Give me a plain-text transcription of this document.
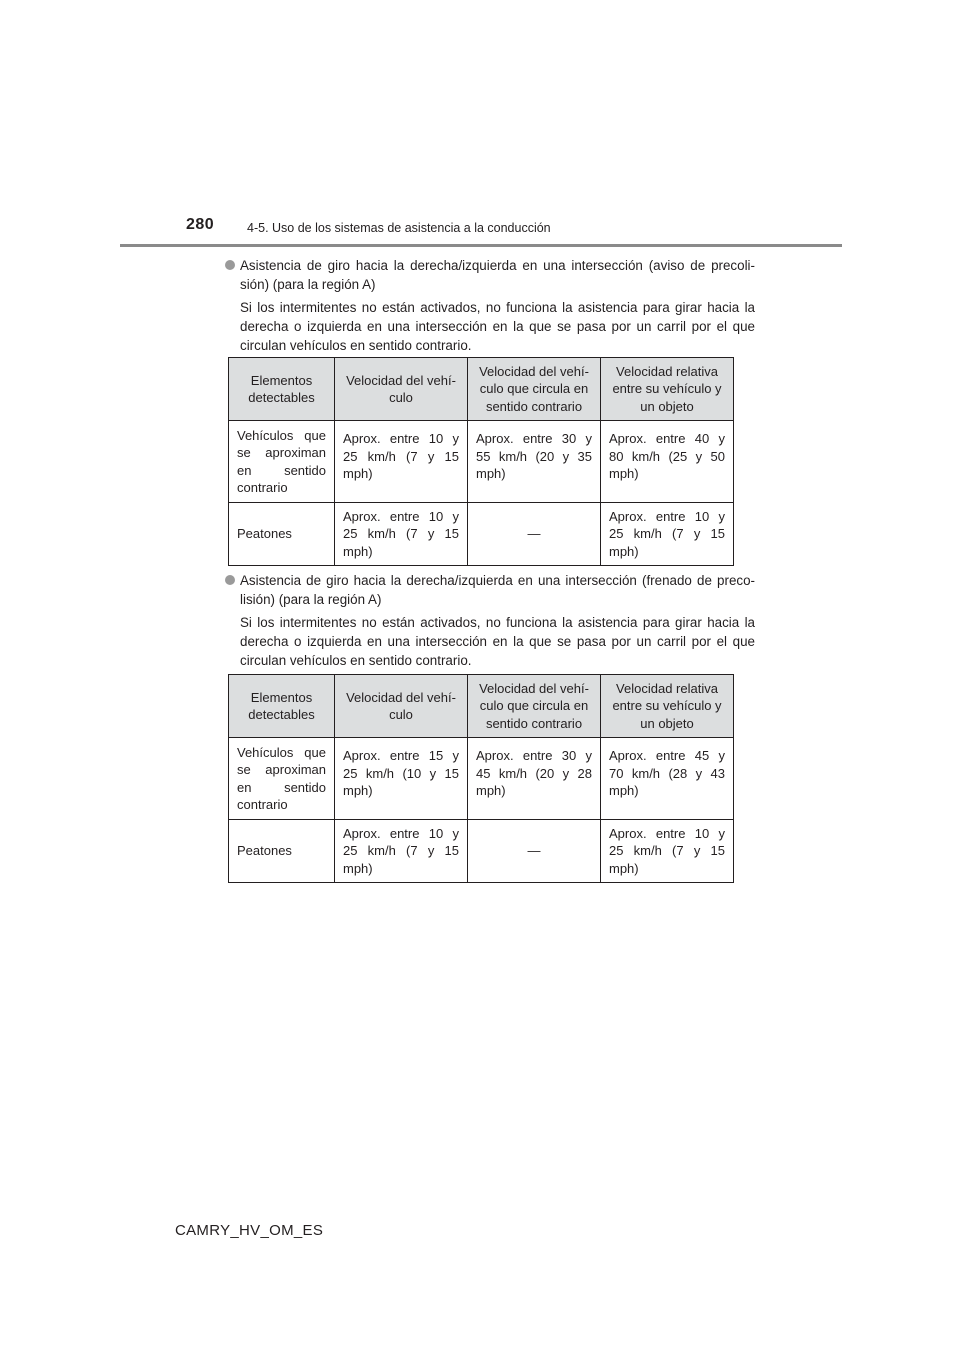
280	4-5. Uso de los sistemas de asistencia a la conducción
Asistencia de giro hacia la derecha/izquierda en una intersección (aviso de precoli-sión) (para la región A)
Si los intermitentes no están activados, no funciona la asistencia para girar hacia la derecha o izquierda en una intersección en la que se pasa por un carril por el que circulan vehículos en sentido contrario.
Elementos detectables	Velocidad del vehí-culo	Velocidad del vehí-culo que circula en sentido contrario	Velocidad relativa entre su vehículo y un objeto
Vehículos que se aproximan en sentido contrario	Aprox. entre 10 y 25 km/h (7 y 15 mph)	Aprox. entre 30 y 55 km/h (20 y 35 mph)	Aprox. entre 40 y 80 km/h (25 y 50 mph)
Peatones	Aprox. entre 10 y 25 km/h (7 y 15 mph)	—	Aprox. entre 10 y 25 km/h (7 y 15 mph)
Asistencia de giro hacia la derecha/izquierda en una intersección (frenado de preco-lisión) (para la región A)
Si los intermitentes no están activados, no funciona la asistencia para girar hacia la derecha o izquierda en una intersección en la que se pasa por un carril por el que circulan vehículos en sentido contrario.
Elementos detectables	Velocidad del vehí-culo	Velocidad del vehí-culo que circula en sentido contrario	Velocidad relativa entre su vehículo y un objeto
Vehículos que se aproximan en sentido contrario	Aprox. entre 15 y 25 km/h (10 y 15 mph)	Aprox. entre 30 y 45 km/h (20 y 28 mph)	Aprox. entre 45 y 70 km/h (28 y 43 mph)
Peatones	Aprox. entre 10 y 25 km/h (7 y 15 mph)	—	Aprox. entre 10 y 25 km/h (7 y 15 mph)
CAMRY_HV_OM_ES
